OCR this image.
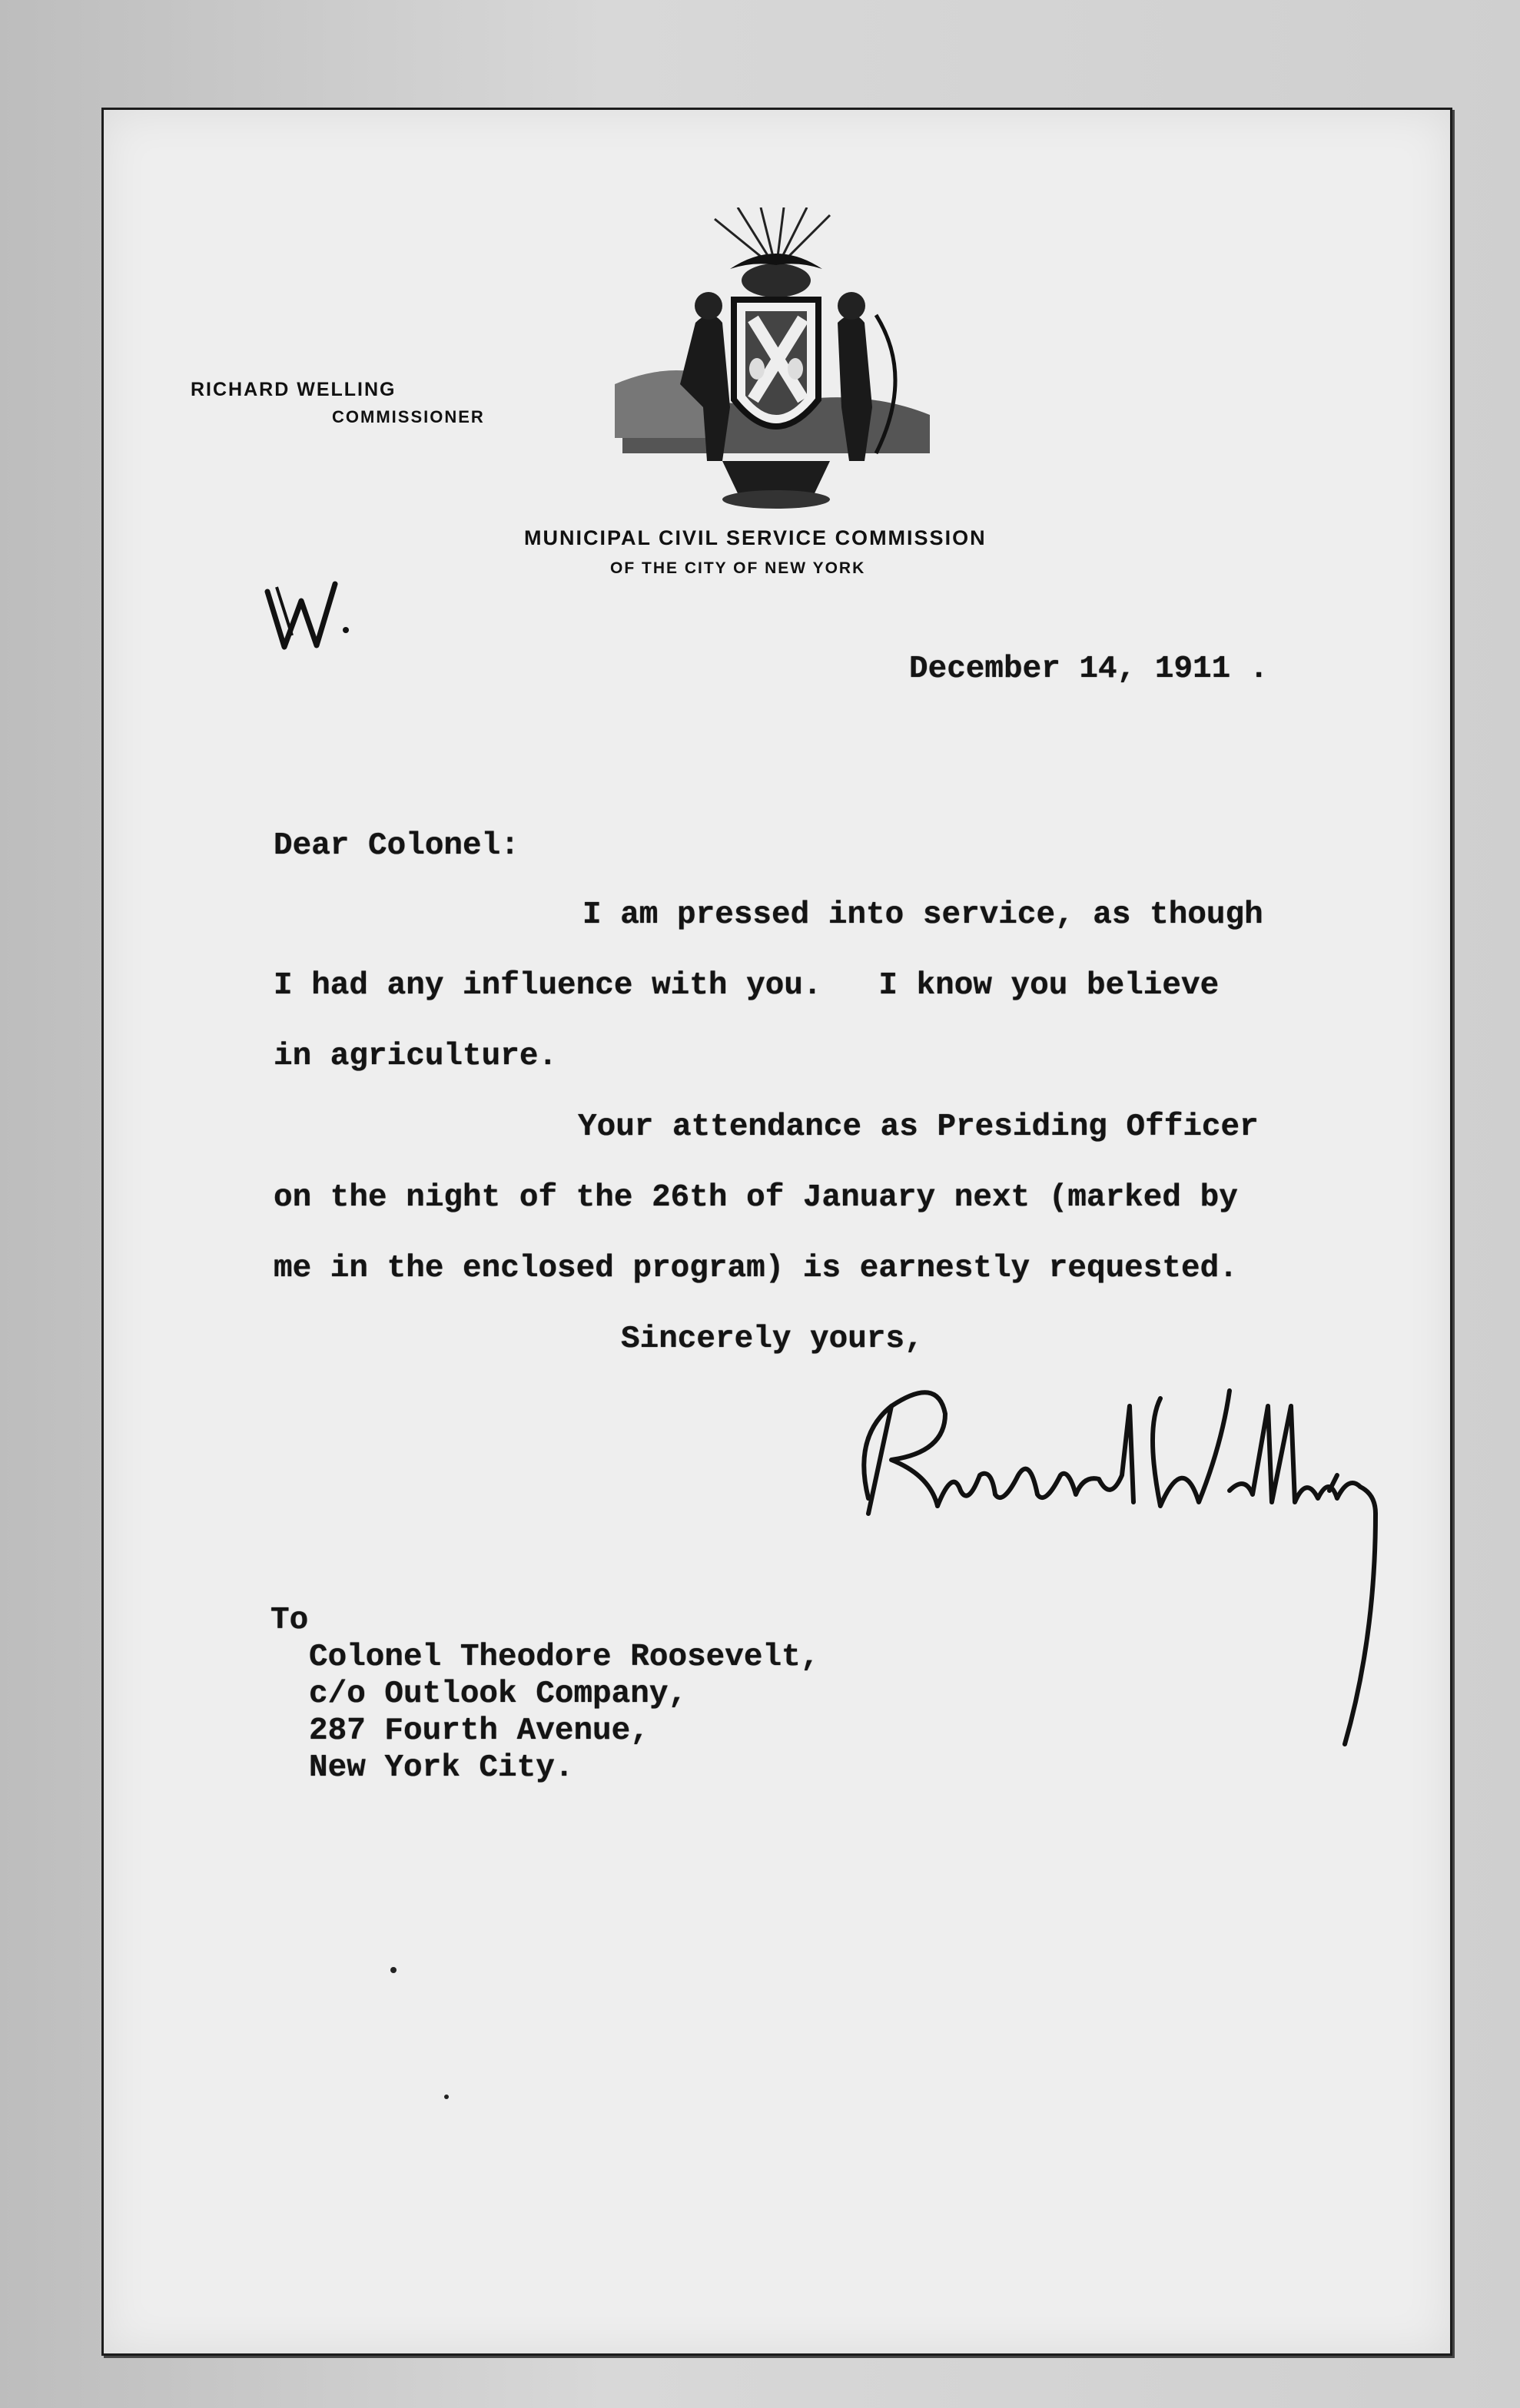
RICHARD WELLING
COMMISSIONER
MUNICIPAL CIVIL SERVICE COMMISSION
OF THE CITY OF NEW YORK
December 14, 1911 .
Dear Colonel:
I am pressed into service, as though
I had any influence with you.   I know you believe
in agriculture.
Your attendance as Presiding Officer
on the night of the 26th of January next (marked by
me in the enclosed program) is earnestly requested.
Sincerely yours,
To
Colonel Theodore Roosevelt,
c/o Outlook Company,
287 Fourth Avenue,
New York City.
